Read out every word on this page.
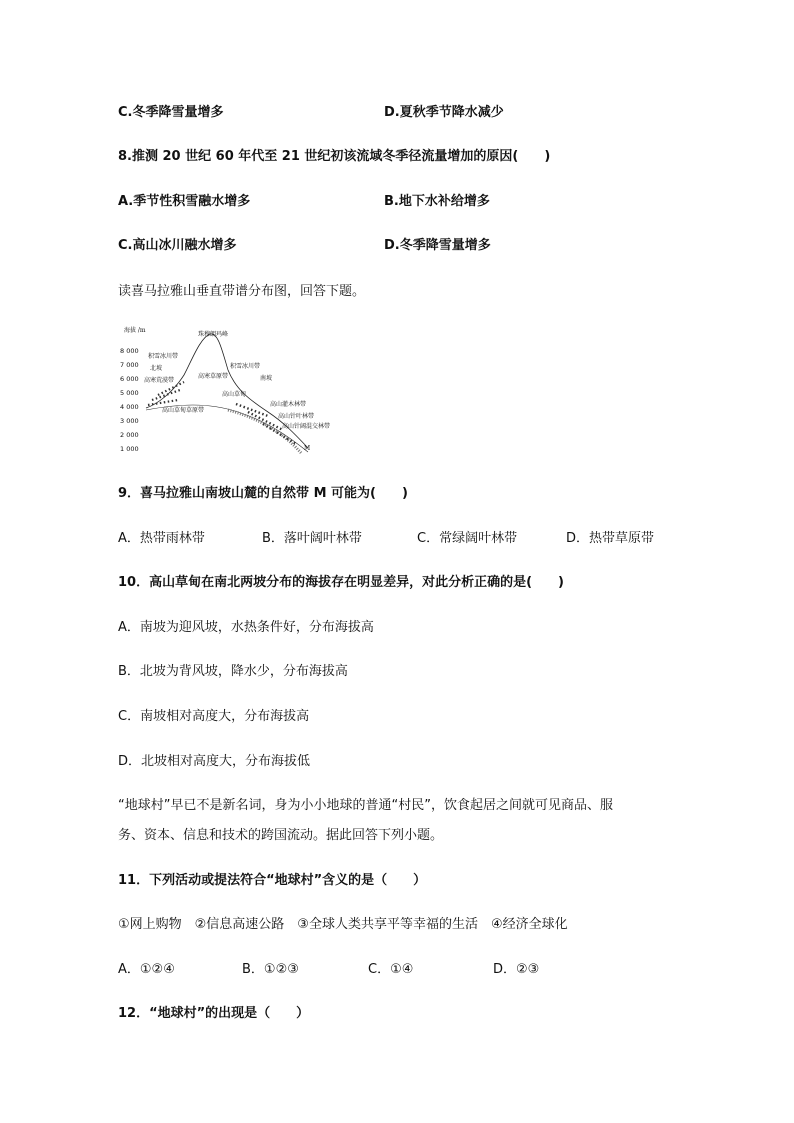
C.冬季降雪量增多	D.夏秋季节降水减少
8.推测 20 世纪 60 年代至 21 世纪初该流域冬季径流量增加的原因(　　)
A.季节性积雪融水增多	B.地下水补给增多
C.高山冰川融水增多	D.冬季降雪量增多
读喜马拉雅山垂直带谱分布图，回答下题。
海拔 /m
8 000
7 000
6 000
5 000
4 000
3 000
2 000
1 000
珠穆朗玛峰
积雪冰川带
北坡
高寒荒漠带
高寒草原带
积雪冰川带
南坡
高山草甸
高山草甸草原带
高山灌木林带
高山针叶林带
高山针阔混交林带
M
9．喜马拉雅山南坡山麓的自然带 M 可能为(　　)
A．热带雨林带	B．落叶阔叶林带	C．常绿阔叶林带	D．热带草原带
10．高山草甸在南北两坡分布的海拔存在明显差异，对此分析正确的是(　　)
A．南坡为迎风坡，水热条件好，分布海拔高
B．北坡为背风坡，降水少，分布海拔高
C．南坡相对高度大，分布海拔高
D．北坡相对高度大，分布海拔低
“地球村”早已不是新名词，身为小小地球的普通“村民”，饮食起居之间就可见商品、服
务、资本、信息和技术的跨国流动。据此回答下列小题。
11．下列活动或提法符合“地球村”含义的是（　　）
①网上购物　②信息高速公路　③全球人类共享平等幸福的生活　④经济全球化
A．①②④	B．①②③	C．①④	D．②③
12．“地球村”的出现是（　　）
